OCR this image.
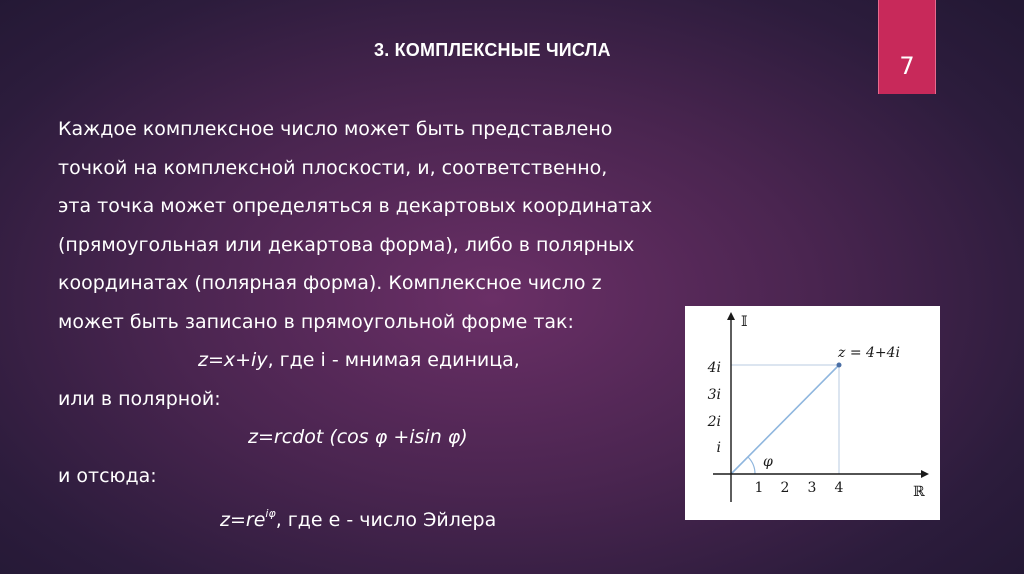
3. КОМПЛЕКСНЫЕ ЧИСЛА
7
Каждое комплексное число может быть представлено
точкой на комплексной плоскости, и, соответственно,
эта точка может определяться в декартовых координатах
(прямоугольная или декартова форма), либо в полярных
координатах (полярная форма). Комплексное число z
может быть записано в прямоугольной форме так:
z=x+iy, где i - мнимая единица,
или в полярной:
z=rcdot (cos φ +isin φ)
и отсюда:
$z=re^{i\varphi}$, где e - число Эйлера
𝕀
ℝ
i
2i
3i
4i
1 2 3 4
z = 4+4i
φ
